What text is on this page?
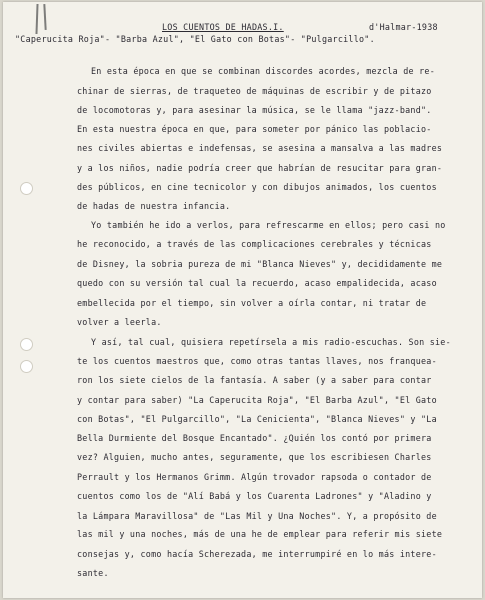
LOS CUENTOS DE HADAS.I.	d'Halmar-1938
"Caperucita Roja"- "Barba Azul", "El Gato con Botas"- "Pulgarcillo".
En esta época en que se combinan discordes acordes, mezcla de re-
chinar de sierras, de traqueteo de máquinas de escribir y de pitazo
de locomotoras y, para asesinar la música, se le llama "jazz-band".
En esta nuestra época en que, para someter por pánico las poblacio-
nes civiles abiertas e indefensas, se asesina a mansalva a las madres
y a los niños, nadie podría creer que habrían de resucitar para gran-
des públicos, en cine tecnicolor y con dibujos animados, los cuentos
de hadas de nuestra infancia.
Yo también he ido a verlos, para refrescarme en ellos; pero casi no
he reconocido, a través de las complicaciones cerebrales y técnicas
de Disney, la sobria pureza de mi "Blanca Nieves" y, decididamente me
quedo con su versión tal cual la recuerdo, acaso empalidecida, acaso
embellecida por el tiempo, sin volver a oírla contar, ni tratar de
volver a leerla.
Y así, tal cual, quisiera repetírsela a mis radio-escuchas. Son sie-
te los cuentos maestros que, como otras tantas llaves, nos franquea-
ron los siete cielos de la fantasía. A saber (y a saber para contar
y contar para saber) "La Caperucita Roja", "El Barba Azul", "El Gato
con Botas", "El Pulgarcillo", "La Cenicienta", "Blanca Nieves" y "La
Bella Durmiente del Bosque Encantado". ¿Quién los contó por primera
vez? Alguien, mucho antes, seguramente, que los escribiesen Charles
Perrault y los Hermanos Grimm. Algún trovador rapsoda o contador de
cuentos como los de "Alí Babá y los Cuarenta Ladrones" y "Aladino y
la Lámpara Maravillosa" de "Las Mil y Una Noches". Y, a propósito de
las mil y una noches, más de una he de emplear para referir mis siete
consejas y, como hacía Scherezada, me interrumpiré en lo más intere-
sante.
